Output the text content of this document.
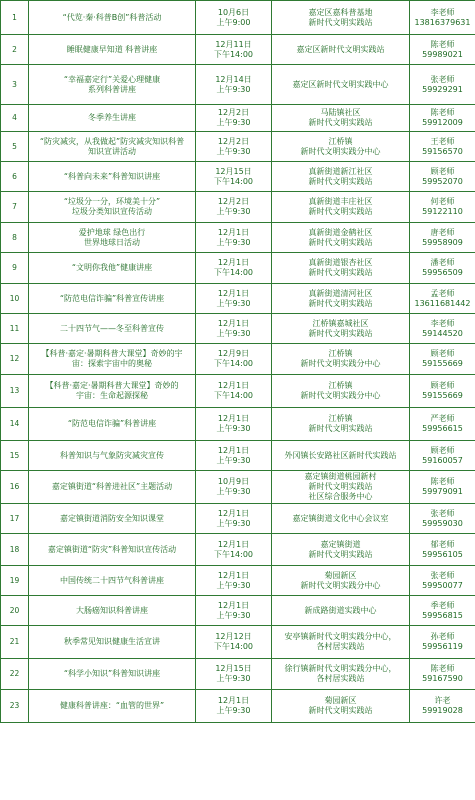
1	“代览·秦·科普B创”科普活动	10月6日
上午9:00	嘉定区嘉科普基地
新时代文明实践站	李老师
13816379631
2	睡眠健康早知道 科普讲座	12月11日
下午14:00	嘉定区新时代文明实践站	陈老师
59989021
3	“幸福嘉定行”关爱心理健康
系列科普讲座	12月14日
上午9:30	嘉定区新时代文明实践中心	张老师
59929291
4	冬季养生讲座	12月2日
上午9:30	马陆镇社区
新时代文明实践站	陈老师
59912009
5	“防灾减灾，从我做起”防灾减灾知识科普
知识宣讲活动	12月2日
上午9:30	江桥镇
新时代文明实践分中心	王老师
59156570
6	“科普向未来”科普知识讲座	12月15日
下午14:00	真新街道新江社区
新时代文明实践站	顾老师
59952070
7	“垃圾分一分，环境美十分”
垃圾分类知识宣传活动	12月2日
上午9:30	真新街道丰庄社区
新时代文明实践站	何老师
59122110
8	爱护地球 绿色出行
世界地球日活动	12月1日
上午9:30	真新街道金鹤社区
新时代文明实践站	唐老师
59958909
9	“文明你我他”健康讲座	12月1日
下午14:00	真新街道银杏社区
新时代文明实践站	潘老师
59956509
10	“防范电信诈骗”科普宣传讲座	12月1日
上午9:30	真新街道清河社区
新时代文明实践站	孟老师
13611681442
11	二十四节气——冬至科普宣传	12月1日
上午9:30	江桥镇嘉城社区
新时代文明实践站	李老师
59144520
12	【科普·嘉定·暑期科普大课堂】奇妙的宇
宙：探索宇宙中的奥秘	12月9日
下午14:00	江桥镇
新时代文明实践分中心	顾老师
59155669
13	【科普·嘉定·暑期科普大课堂】奇妙的
宇宙：生命起源探秘	12月1日
下午14:00	江桥镇
新时代文明实践分中心	顾老师
59155669
14	“防范电信诈骗”科普讲座	12月1日
上午9:30	江桥镇
新时代文明实践站	严老师
59956615
15	科普知识与气象防灾减灾宣传	12月1日
上午9:30	外冈镇长安路社区新时代实践站	顾老师
59160057
16	嘉定镇街道“科普进社区”主题活动	10月9日
上午9:30	嘉定镇街道桃园新村
新时代文明实践站
社区综合服务中心	陈老师
59979091
17	嘉定镇街道消防安全知识课堂	12月1日
上午9:30	嘉定镇街道文化中心会议室	张老师
59959030
18	嘉定镇街道“防灾”科普知识宣传活动	12月1日
下午14:00	嘉定镇街道
新时代文明实践站	郁老师
59956105
19	中国传统二十四节气科普讲座	12月1日
上午9:30	菊园新区
新时代文明实践分中心	张老师
59950077
20	大肠癌知识科普讲座	12月1日
上午9:30	新成路街道实践中心	季老师
59956815
21	秋季常见知识健康生活宣讲	12月12日
下午14:00	安亭镇新时代文明实践分中心，
各村居实践站	孙老师
59956119
22	“科学小知识”科普知识讲座	12月15日
上午9:30	徐行镇新时代文明实践分中心，
各村居实践站	陈老师
59167590
23	健康科普讲座：“血管的世界”	12月1日
上午9:30	菊园新区
新时代文明实践站	许老
59919028
